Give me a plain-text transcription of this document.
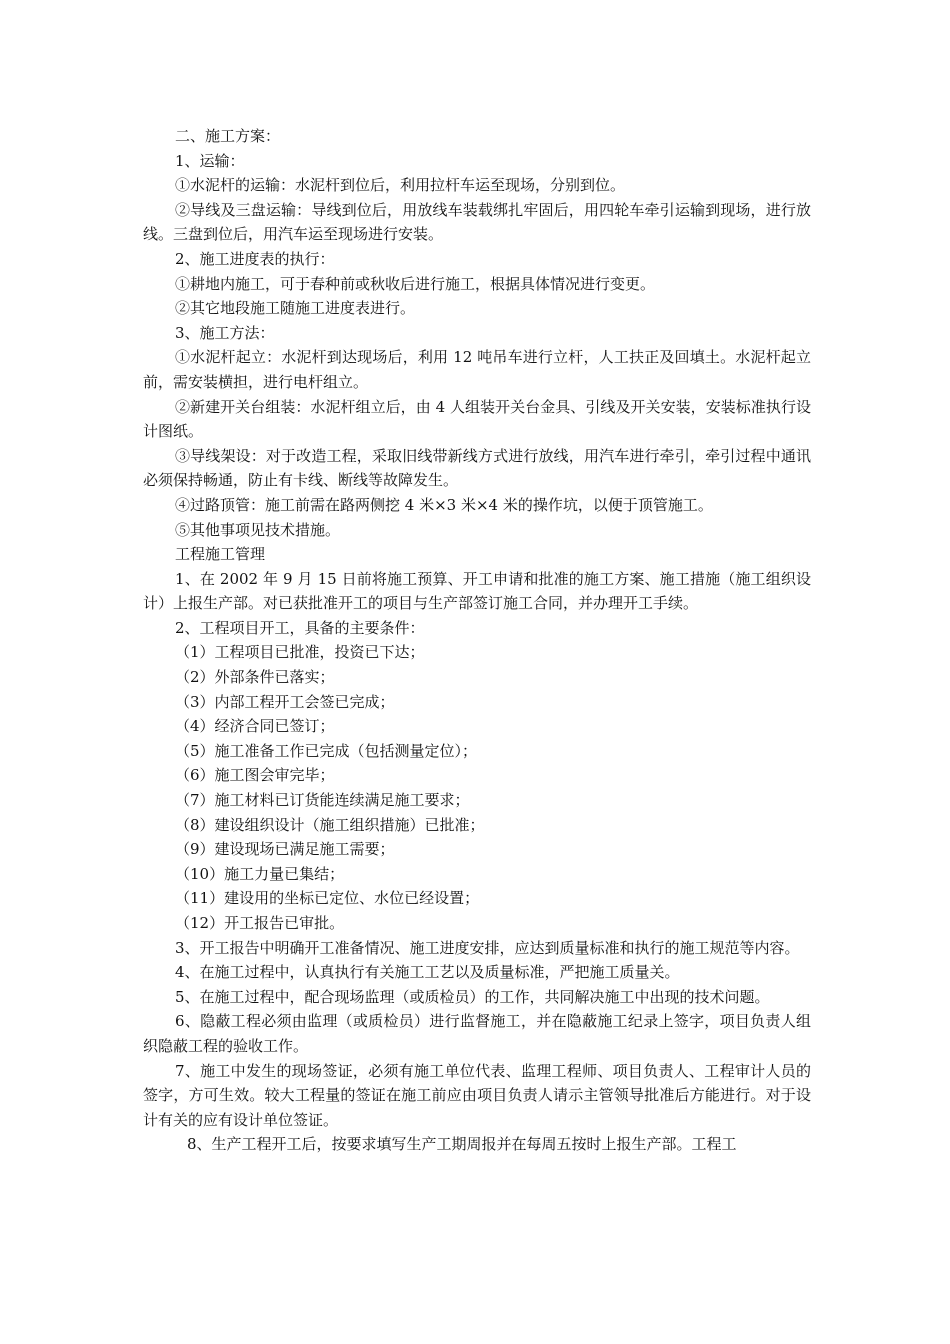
二、施工方案：

1、运输：

①水泥杆的运输：水泥杆到位后，利用拉杆车运至现场，分别到位。

②导线及三盘运输：导线到位后，用放线车装载绑扎牢固后，用四轮车牵引运输到现场，进行放线。三盘到位后，用汽车运至现场进行安装。

2、施工进度表的执行：

①耕地内施工，可于春种前或秋收后进行施工，根据具体情况进行变更。

②其它地段施工随施工进度表进行。

3、施工方法：

①水泥杆起立：水泥杆到达现场后，利用 12 吨吊车进行立杆，人工扶正及回填土。水泥杆起立前，需安装横担，进行电杆组立。

②新建开关台组装：水泥杆组立后，由 4 人组装开关台金具、引线及开关安装，安装标准执行设计图纸。

③导线架设：对于改造工程，采取旧线带新线方式进行放线，用汽车进行牵引，牵引过程中通讯必须保持畅通，防止有卡线、断线等故障发生。

④过路顶管：施工前需在路两侧挖 4 米×3 米×4 米的操作坑，以便于顶管施工。

⑤其他事项见技术措施。

工程施工管理

1、在 2002 年 9 月 15 日前将施工预算、开工申请和批准的施工方案、施工措施（施工组织设计）上报生产部。对已获批准开工的项目与生产部签订施工合同，并办理开工手续。

2、工程项目开工，具备的主要条件：

（1）工程项目已批准，投资已下达；

（2）外部条件已落实；

（3）内部工程开工会签已完成；

（4）经济合同已签订；

（5）施工准备工作已完成（包括测量定位）；

（6）施工图会审完毕；

（7）施工材料已订货能连续满足施工要求；

（8）建设组织设计（施工组织措施）已批准；

（9）建设现场已满足施工需要；

（10）施工力量已集结；

（11）建设用的坐标已定位、水位已经设置；

（12）开工报告已审批。

3、开工报告中明确开工准备情况、施工进度安排，应达到质量标准和执行的施工规范等内容。

4、在施工过程中，认真执行有关施工工艺以及质量标准，严把施工质量关。

5、在施工过程中，配合现场监理（或质检员）的工作，共同解决施工中出现的技术问题。

6、隐蔽工程必须由监理（或质检员）进行监督施工，并在隐蔽施工纪录上签字，项目负责人组织隐蔽工程的验收工作。

7、施工中发生的现场签证，必须有施工单位代表、监理工程师、项目负责人、工程审计人员的签字，方可生效。较大工程量的签证在施工前应由项目负责人请示主管领导批准后方能进行。对于设计有关的应有设计单位签证。

8、生产工程开工后，按要求填写生产工期周报并在每周五按时上报生产部。工程工
